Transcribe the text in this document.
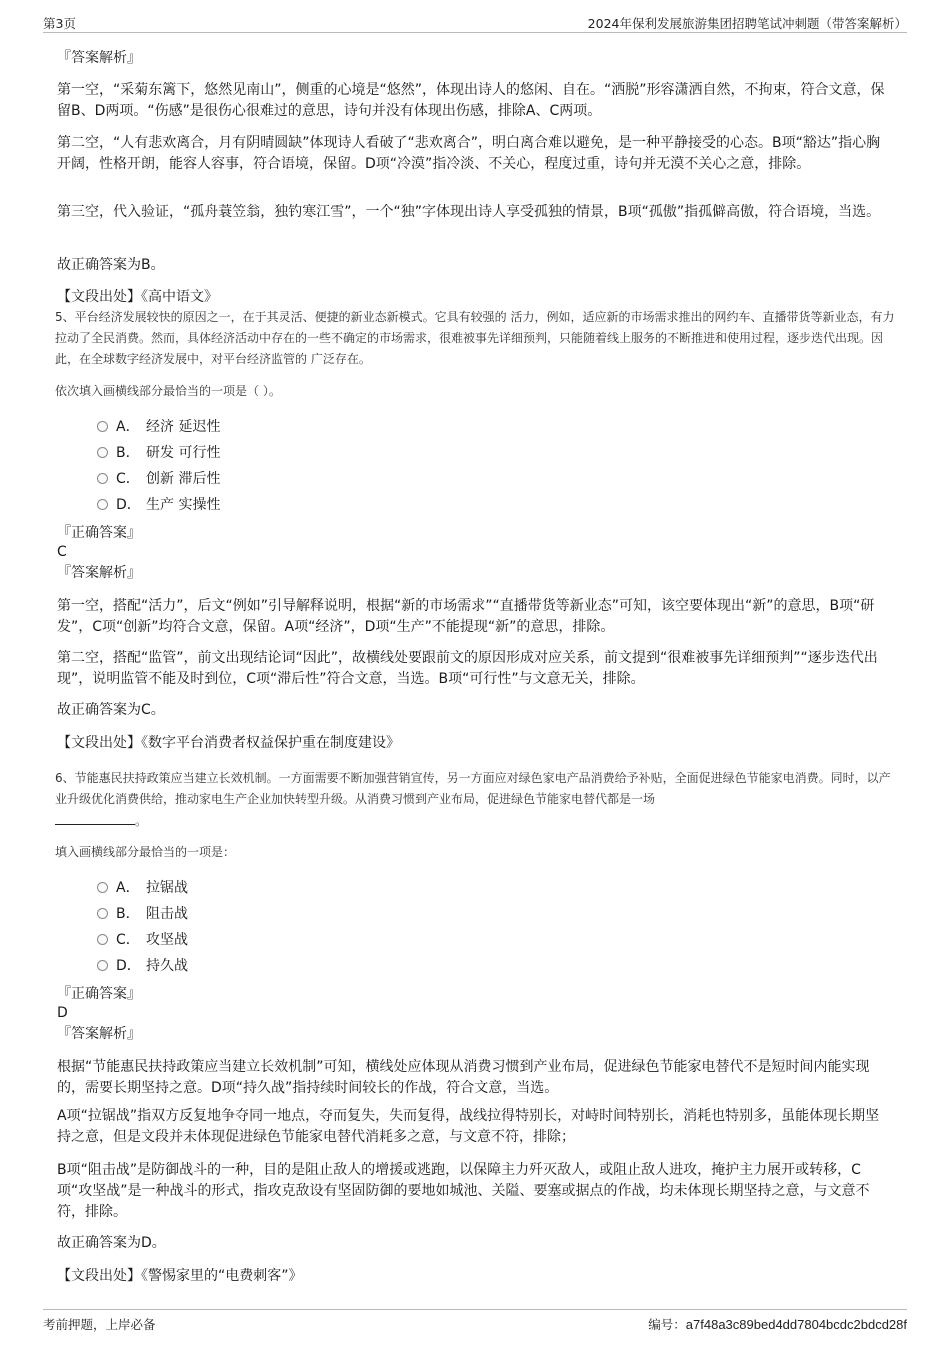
第3页	2024年保利发展旅游集团招聘笔试冲刺题（带答案解析）
『答案解析』
第一空，“采菊东篱下，悠然见南山”，侧重的心境是“悠然”，体现出诗人的悠闲、自在。“洒脱”形容潇洒自然，不拘束，符合文意，保留B、D两项。“伤感”是很伤心很难过的意思，诗句并没有体现出伤感，排除A、C两项。
第二空，“人有悲欢离合，月有阴晴圆缺”体现诗人看破了“悲欢离合”，明白离合难以避免，是一种平静接受的心态。B项“豁达”指心胸开阔，性格开朗，能容人容事，符合语境，保留。D项“冷漠”指冷淡、不关心，程度过重，诗句并无漠不关心之意，排除。
第三空，代入验证，“孤舟蓑笠翁，独钓寒江雪”，一个“独”字体现出诗人享受孤独的情景，B项“孤傲”指孤僻高傲，符合语境，当选。
故正确答案为B。
【文段出处】《高中语文》
5、平台经济发展较快的原因之一，在于其灵活、便捷的新业态新模式。它具有较强的 活力，例如，适应新的市场需求推出的网约车、直播带货等新业态，有力拉动了全民消费。然而，具体经济活动中存在的一些不确定的市场需求，很难被事先详细预判，只能随着线上服务的不断推进和使用过程，逐步迭代出现。因此，在全球数字经济发展中，对平台经济监管的 广泛存在。
依次填入画横线部分最恰当的一项是（ ）。
A． 经济 延迟性
B． 研发 可行性
C． 创新 滞后性
D． 生产 实操性
『正确答案』
C
『答案解析』
第一空，搭配“活力”，后文“例如”引导解释说明，根据“新的市场需求”“直播带货等新业态”可知，该空要体现出“新”的意思，B项“研发”，C项“创新”均符合文意，保留。A项“经济”，D项“生产”不能提现“新”的意思，排除。
第二空，搭配“监管”，前文出现结论词“因此”，故横线处要跟前文的原因形成对应关系，前文提到“很难被事先详细预判”“逐步迭代出现”，说明监管不能及时到位，C项“滞后性”符合文意，当选。B项“可行性”与文意无关，排除。
故正确答案为C。
【文段出处】《数字平台消费者权益保护重在制度建设》
6、节能惠民扶持政策应当建立长效机制。一方面需要不断加强营销宣传，另一方面应对绿色家电产品消费给予补贴，全面促进绿色节能家电消费。同时，以产业升级优化消费供给，推动家电生产企业加快转型升级。从消费习惯到产业布局，促进绿色节能家电替代都是一场
。
填入画横线部分最恰当的一项是：
A． 拉锯战
B． 阻击战
C． 攻坚战
D． 持久战
『正确答案』
D
『答案解析』
根据“节能惠民扶持政策应当建立长效机制”可知，横线处应体现从消费习惯到产业布局，促进绿色节能家电替代不是短时间内能实现的，需要长期坚持之意。D项“持久战”指持续时间较长的作战，符合文意，当选。
A项“拉锯战”指双方反复地争夺同一地点，夺而复失，失而复得，战线拉得特别长，对峙时间特别长，消耗也特别多，虽能体现长期坚持之意，但是文段并未体现促进绿色节能家电替代消耗多之意，与文意不符，排除；
B项“阻击战”是防御战斗的一种，目的是阻止敌人的增援或逃跑，以保障主力歼灭敌人，或阻止敌人进攻，掩护主力展开或转移，C项“攻坚战”是一种战斗的形式，指攻克敌设有坚固防御的要地如城池、关隘、要塞或据点的作战，均未体现长期坚持之意，与文意不符，排除。
故正确答案为D。
【文段出处】《警惕家里的“电费刺客”》
考前押题，上岸必备	编号：a7f48a3c89bed4dd7804bcdc2bdcd28f
